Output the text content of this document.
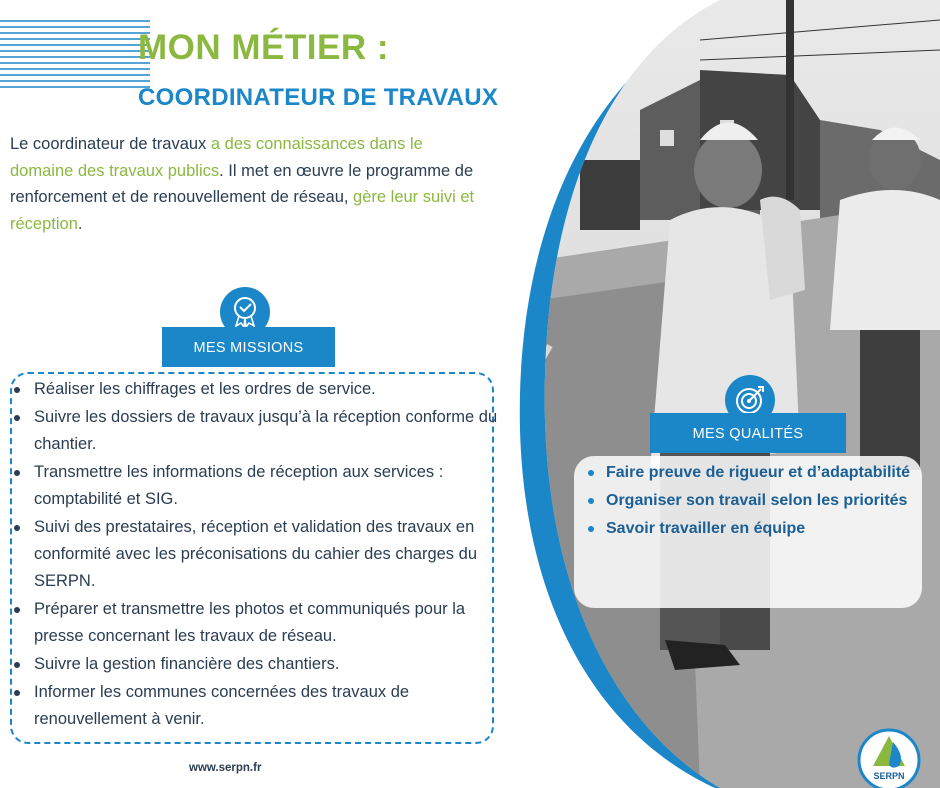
MON MÉTIER :
COORDINATEUR DE TRAVAUX
Le coordinateur de travaux a des connaissances dans le domaine des travaux publics. Il met en œuvre le programme de renforcement et de renouvellement de réseau, gère leur suivi et réception.
MES MISSIONS
Réaliser les chiffrages et les ordres de service.
Suivre les dossiers de travaux jusqu’à la réception conforme du chantier.
Transmettre les informations de réception aux services : comptabilité et SIG.
Suivi des prestataires, réception et validation des travaux en conformité avec les préconisations du cahier des charges du SERPN.
Préparer et transmettre les photos et communiqués pour la presse concernant les travaux de réseau.
Suivre la gestion financière des chantiers.
Informer les communes concernées des travaux de renouvellement à venir.
MES QUALITÉS
Faire preuve de rigueur et d’adaptabilité
Organiser son travail selon les priorités
Savoir travailler en équipe
www.serpn.fr
SERPN
